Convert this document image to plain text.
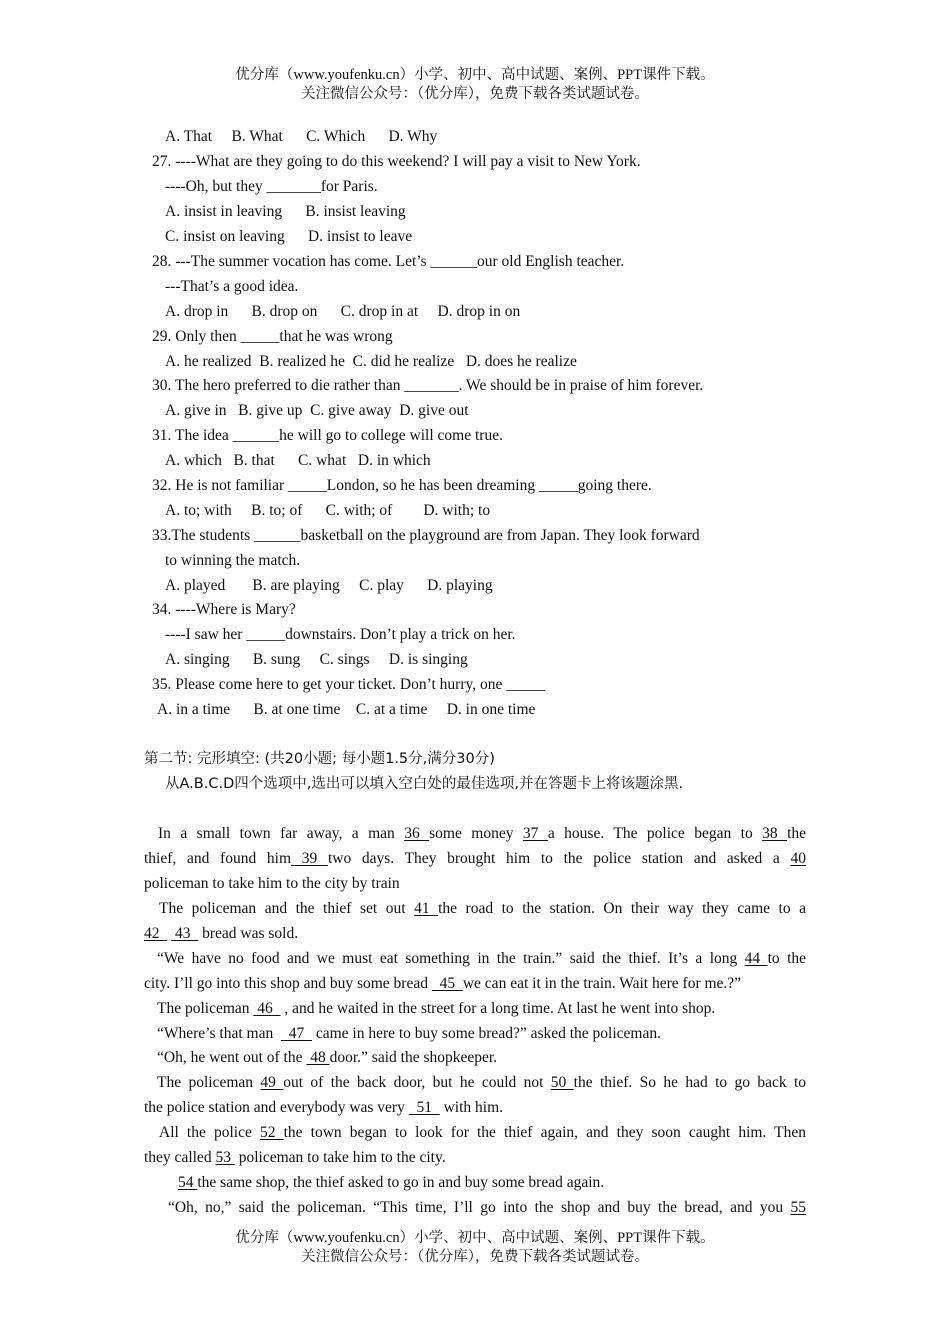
优分库（www.youfenku.cn）小学、初中、高中试题、案例、PPT课件下载。
关注微信公众号：（优分库），免费下载各类试题试卷。
A. That     B. What      C. Which      D. Why
27. ----What are they going to do this weekend? I will pay a visit to New York.
----Oh, but they _______for Paris.
A. insist in leaving      B. insist leaving
C. insist on leaving      D. insist to leave
28. ---The summer vocation has come. Let’s ______our old English teacher.
---That’s a good idea.
A. drop in      B. drop on      C. drop in at     D. drop in on
29. Only then _____that he was wrong
A. he realized  B. realized he  C. did he realize   D. does he realize
30. The hero preferred to die rather than _______. We should be in praise of him forever.
A. give in   B. give up  C. give away  D. give out
31. The idea ______he will go to college will come true.
A. which   B. that      C. what   D. in which
32. He is not familiar _____London, so he has been dreaming _____going there.
A. to; with     B. to; of      C. with; of        D. with; to
33.The students ______basketball on the playground are from Japan. They look forward
to winning the match.
A. played       B. are playing     C. play      D. playing
34. ----Where is Mary?
----I saw her _____downstairs. Don’t play a trick on her.
A. singing      B. sung     C. sings     D. is singing
35. Please come here to get your ticket. Don’t hurry, one _____
A. in a time      B. at one time    C. at a time     D. in one time
第二节: 完形填空: (共20小题; 每小题1.5分,满分30分)
从A.B.C.D四个选项中,选出可以填入空白处的最佳选项,并在答题卡上将该题涂黑.
In a small town far away, a man 36 some money 37 a house. The police began to 38 the
thief, and found him 39 two days. They brought him to the police station and asked a 40
policeman to take him to the city by train
The policeman and the thief set out 41 the road to the station. On their way they came to a
42    43   bread was sold.
“We have no food and we must eat something in the train.” said the thief. It’s a long 44 to the
city. I’ll go into this shop and buy some bread   45  we can eat it in the train. Wait here for me.?”
The policeman  46   , and he waited in the street for a long time. At last he went into shop.
“Where’s that man    47   came in here to buy some bread?” asked the policeman.
“Oh, he went out of the  48 door.” said the shopkeeper.
The policeman 49 out of the back door, but he could not 50 the thief. So he had to go back to
the police station and everybody was very   51   with him.
All the police 52 the town began to look for the thief again, and they soon caught him. Then
they called 53  policeman to take him to the city.
54 the same shop, the thief asked to go in and buy some bread again.
“Oh, no,” said the policeman. “This time, I’ll go into the shop and buy the bread, and you 55
优分库（www.youfenku.cn）小学、初中、高中试题、案例、PPT课件下载。
关注微信公众号：（优分库），免费下载各类试题试卷。
